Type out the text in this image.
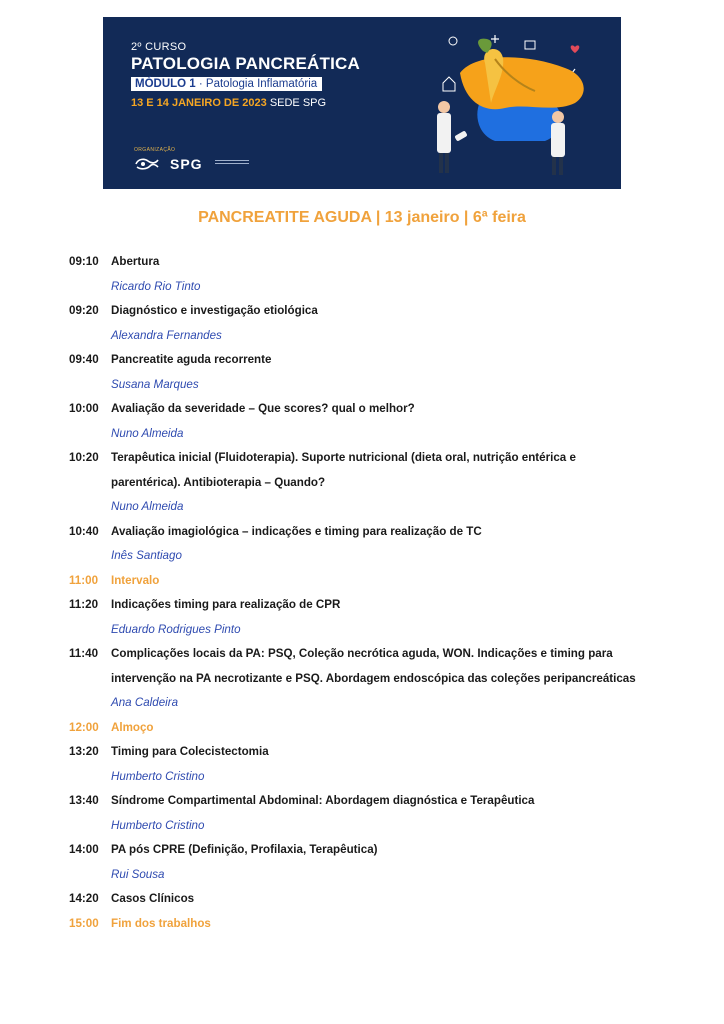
2º CURSO
PATOLOGIA PANCREÁTICA
MÓDULO 1 · Patologia Inflamatória
13 E 14 JANEIRO DE 2023 SEDE SPG
ORGANIZAÇÃO
SPG
PANCREATITE AGUDA | 13 janeiro | 6ª feira
09:10	Abertura
Ricardo Rio Tinto
09:20	Diagnóstico e investigação etiológica
Alexandra Fernandes
09:40	Pancreatite aguda recorrente
Susana Marques
10:00	Avaliação da severidade – Que scores? qual o melhor?
Nuno Almeida
10:20	Terapêutica inicial (Fluidoterapia). Suporte nutricional (dieta oral, nutrição entérica e
parentérica). Antibioterapia – Quando?
Nuno Almeida
10:40	Avaliação imagiológica – indicações e timing para realização de TC
Inês Santiago
11:00	Intervalo
11:20	Indicações timing para realização de CPR
Eduardo Rodrigues Pinto
11:40	Complicações locais da PA: PSQ, Coleção necrótica aguda, WON. Indicações e timing para
intervenção na PA necrotizante e PSQ. Abordagem endoscópica das coleções peripancreáticas
Ana Caldeira
12:00	Almoço
13:20	Timing para Colecistectomia
Humberto Cristino
13:40	Síndrome Compartimental Abdominal: Abordagem diagnóstica e Terapêutica
Humberto Cristino
14:00	PA pós CPRE (Definição, Profilaxia, Terapêutica)
Rui Sousa
14:20	Casos Clínicos
15:00	Fim dos trabalhos
